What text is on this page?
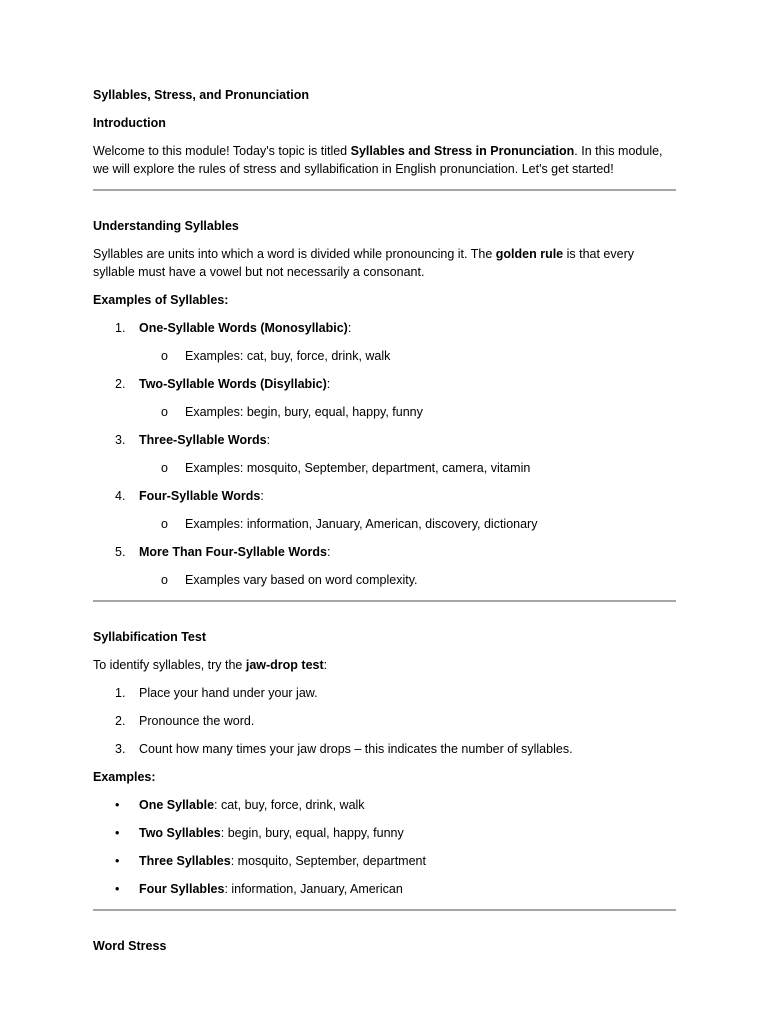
Syllables, Stress, and Pronunciation

Introduction

Welcome to this module! Today's topic is titled Syllables and Stress in Pronunciation. In this module, we will explore the rules of stress and syllabification in English pronunciation. Let's get started!

Understanding Syllables

Syllables are units into which a word is divided while pronouncing it. The golden rule is that every syllable must have a vowel but not necessarily a consonant.

Examples of Syllables:

1. One-Syllable Words (Monosyllabic):
o Examples: cat, buy, force, drink, walk
2. Two-Syllable Words (Disyllabic):
o Examples: begin, bury, equal, happy, funny
3. Three-Syllable Words:
o Examples: mosquito, September, department, camera, vitamin
4. Four-Syllable Words:
o Examples: information, January, American, discovery, dictionary
5. More Than Four-Syllable Words:
o Examples vary based on word complexity.

Syllabification Test

To identify syllables, try the jaw-drop test:

1. Place your hand under your jaw.
2. Pronounce the word.
3. Count how many times your jaw drops – this indicates the number of syllables.

Examples:

• One Syllable: cat, buy, force, drink, walk
• Two Syllables: begin, bury, equal, happy, funny
• Three Syllables: mosquito, September, department
• Four Syllables: information, January, American

Word Stress
